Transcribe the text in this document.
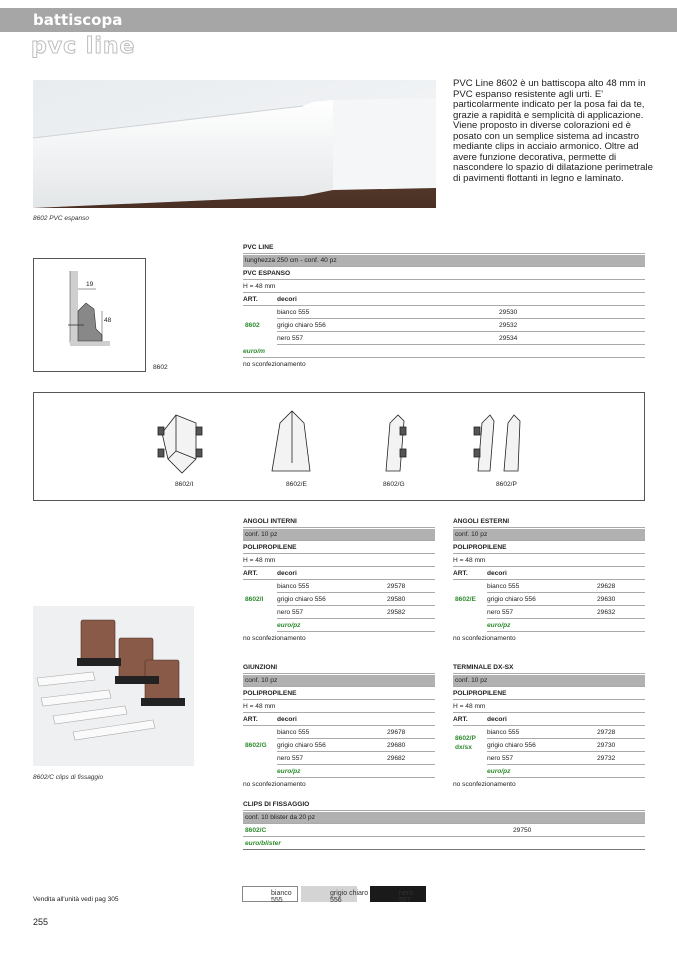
battiscopa
pvc line
8602 PVC espanso
PVC Line 8602 è un battiscopa alto 48 mm in PVC espanso resistente agli urti. E' particolarmente indicato per la posa fai da te, grazie a rapidità e semplicità di applicazione. Viene proposto in diverse colorazioni ed è posato con un semplice sistema ad incastro mediante clips in acciaio armonico. Oltre ad avere funzione decorativa, permette di nascondere lo spazio di dilatazione perimetrale di pavimenti flottanti in legno e laminato.
19
48
8602
PVC LINE
lunghezza 250 cm - conf. 40 pz
PVC ESPANSO
H = 48 mm
ART.	decori
bianco 555	29530
grigio chiaro 556	29532
nero 557	29534
8602
euro/m
no sconfezionamento
8602/I	8602/E	8602/G	8602/P
8602/C clips di fissaggio
ANGOLI INTERNI
conf. 10 pz
POLIPROPILENE
H = 48 mm
ART.	decori
bianco 555	29578
grigio chiaro 556	29580
nero 557	29582
8602/I
euro/pz
no sconfezionamento
ANGOLI ESTERNI
conf. 10 pz
POLIPROPILENE
H = 48 mm
ART.	decori
bianco 555	29628
grigio chiaro 556	29630
nero 557	29632
8602/E
euro/pz
no sconfezionamento
GIUNZIONI
conf. 10 pz
POLIPROPILENE
H = 48 mm
ART.	decori
bianco 555	29678
grigio chiaro 556	29680
nero 557	29682
8602/G
euro/pz
no sconfezionamento
TERMINALE DX-SX
conf. 10 pz
POLIPROPILENE
H = 48 mm
ART.	decori
bianco 555	29728
grigio chiaro 556	29730
nero 557	29732
8602/P
dx/sx
euro/pz
no sconfezionamento
CLIPS DI FISSAGGIO
conf. 10 blister da 20 pz
8602/C	29750
euro/blister
Vendita all'unità vedi pag 305
255
bianco
555
grigio chiaro
556
nero
557
